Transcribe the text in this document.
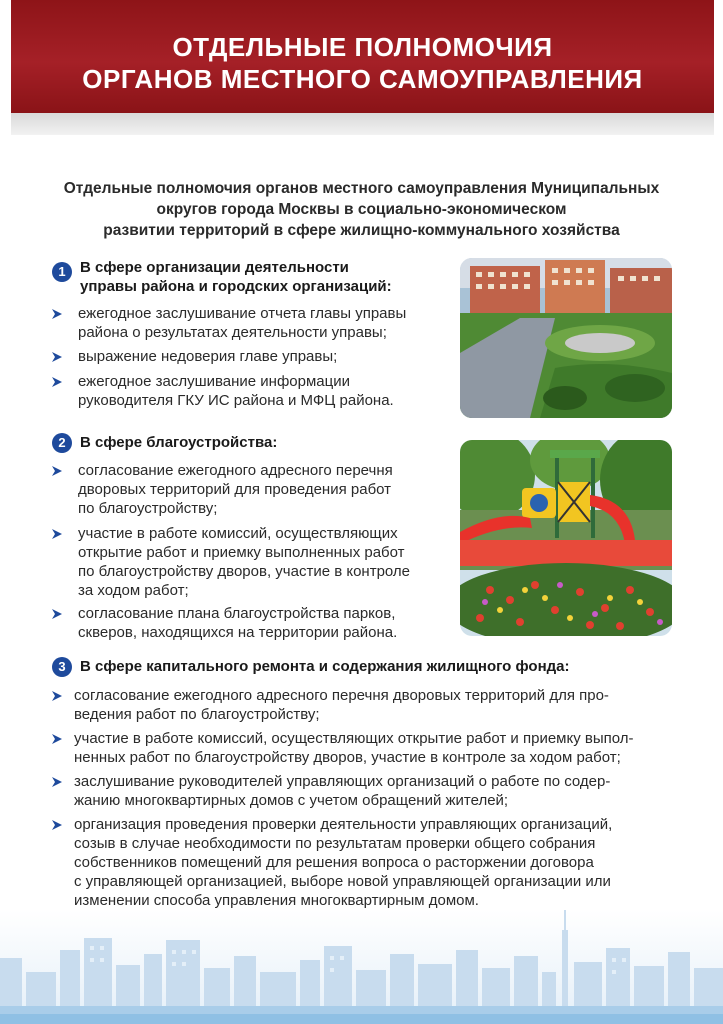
ОТДЕЛЬНЫЕ ПОЛНОМОЧИЯ
ОРГАНОВ МЕСТНОГО САМОУПРАВЛЕНИЯ
Отдельные полномочия органов местного самоуправления Муниципальных
округов города Москвы в социально-экономическом
развитии территорий в сфере жилищно-коммунального хозяйства
1 В сфере организации деятельности
управы района и городских организаций:
ежегодное заслушивание отчета главы управы
района о результатах деятельности управы;
выражение недоверия главе управы;
ежегодное заслушивание информации
руководителя ГКУ ИС района и МФЦ района.
2 В сфере благоустройства:
согласование ежегодного адресного перечня
дворовых территорий для проведения работ
по благоустройству;
участие в работе комиссий, осуществляющих
открытие работ и приемку выполненных работ
по благоустройству дворов, участие в контроле
за ходом работ;
согласование плана благоустройства парков,
скверов, находящихся на территории района.
3 В сфере капитального ремонта и содержания жилищного фонда:
согласование ежегодного адресного перечня дворовых территорий для про-
ведения работ по благоустройству;
участие в работе комиссий, осуществляющих открытие работ и приемку выпол-
ненных работ по благоустройству дворов, участие в контроле за ходом работ;
заслушивание руководителей управляющих организаций о работе по содер-
жанию многоквартирных домов с учетом обращений жителей;
организация проведения проверки деятельности управляющих организаций,
созыв в случае необходимости по результатам проверки общего собрания
собственников помещений для решения вопроса о расторжении договора
с управляющей организацией, выборе новой управляющей организации или
изменении способа управления многоквартирным домом.
